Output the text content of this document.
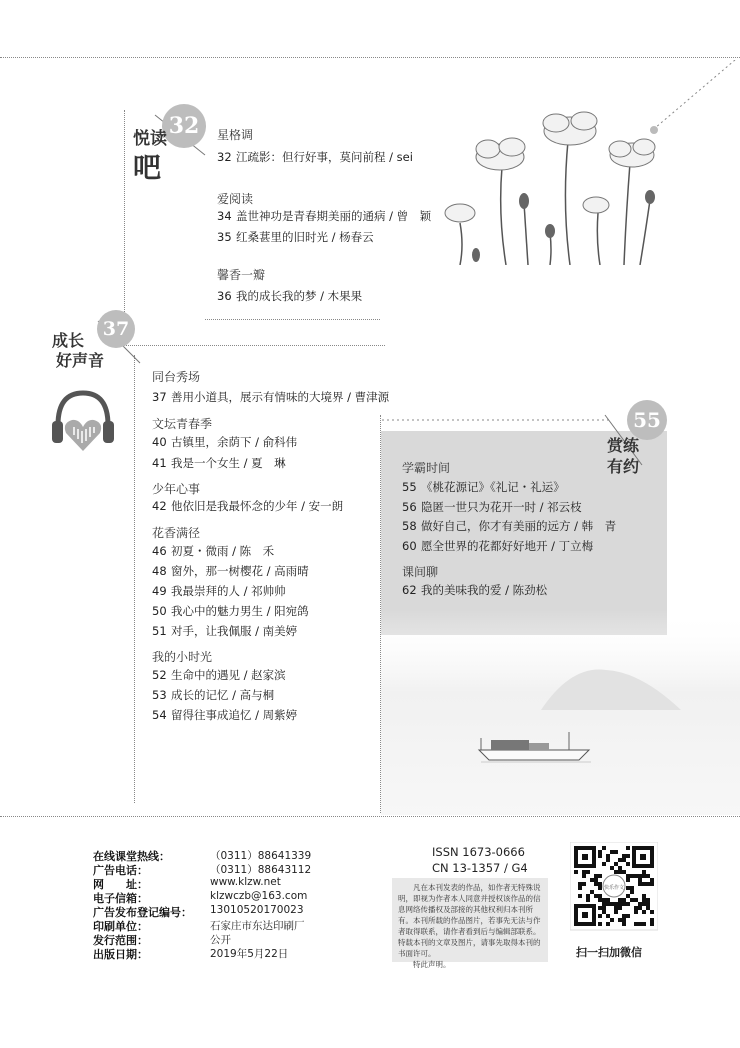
32
悦读
吧
星格调
32 江疏影：但行好事，莫问前程 / sei
爱阅读
34 盖世神功是青春期美丽的通病 / 曾　颖
35 红桑葚里的旧时光 / 杨春云
馨香一瓣
36 我的成长我的梦 / 木果果
37
成长
好声音
同台秀场
37 善用小道具，展示有情味的大境界 / 曹津源
文坛青春季
40 古镇里，余荫下 / 俞科伟
41 我是一个女生 / 夏　琳
少年心事
42 他依旧是我最怀念的少年 / 安一朗
花香满径
46 初夏・微雨 / 陈　禾
48 窗外，那一树樱花 / 高雨晴
49 我最崇拜的人 / 祁帅帅
50 我心中的魅力男生 / 阳宛鸽
51 对手，让我佩服 / 南美婷
我的小时光
52 生命中的遇见 / 赵家滨
53 成长的记忆 / 高与桐
54 留得往事成追忆 / 周紫婷
55
赏练
有约
学霸时间
55 《桃花源记》《礼记・礼运》
56 隐匿一世只为花开一时 / 祁云枝
58 做好自己，你才有美丽的远方 / 韩　青
60 愿全世界的花都好好地开 / 丁立梅
课间聊
62 我的美味我的爱 / 陈劲松
在线课堂热线：	（0311）88641339
广告电话：	（0311）88643112
网　　址：	www.klzw.net
电子信箱：	klzwczb@163.com
广告发布登记编号： 13010520170023
印刷单位：	石家庄市东达印刷厂
发行范围：	公开
出版日期：	2019年5月22日
ISSN 1673-0666
CN 13-1357 / G4
凡在本刊发表的作品，如作者无特殊说明，即视为作者本人同意并授权该作品的信息网络传播权及部接的其他权利归本刊所有。本刊所载的作品图片，若事先无法与作者取得联系，请作者看到后与编辑部联系。特载本刊的文章及图片，请事先取得本刊的书面许可。
特此声明。
快乐作文
扫一扫加微信
